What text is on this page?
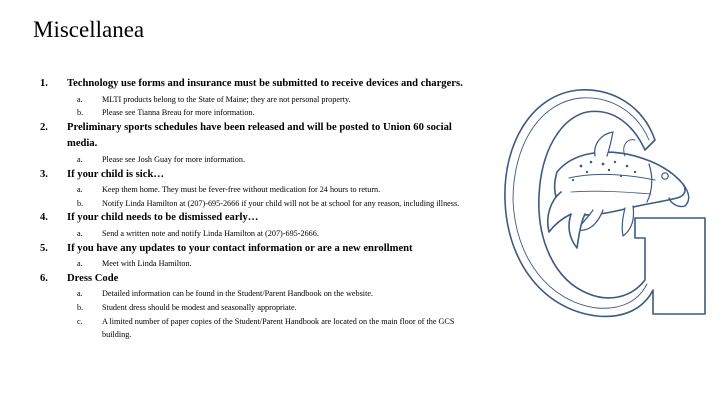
Miscellanea
1.	Technology use forms and insurance must be submitted to receive devices and chargers.
a.	MLTI products belong to the State of Maine; they are not personal property.
b.	Please see Tianna Breau for more information.
2.	Preliminary sports schedules have been released and will be posted to Union 60 social media.
a.	Please see Josh Guay for more information.
3.	If your child is sick…
a.	Keep them home. They must be fever-free without medication for 24 hours to return.
b.	Notify Linda Hamilton at (207)-695-2666 if your child will not be at school for any reason, including illness.
4.	If your child needs to be dismissed early…
a.	Send a written note and notify Linda Hamilton at (207)-695-2666.
5.	If you have any updates to your contact information or are a new enrollment
a.	Meet with Linda Hamilton.
6.	Dress Code
a.	Detailed information can be found in the Student/Parent Handbook on the website.
b.	Student dress should be modest and seasonally appropriate.
c.	A limited number of paper copies of the Student/Parent Handbook are located on the main floor of the GCS building.
